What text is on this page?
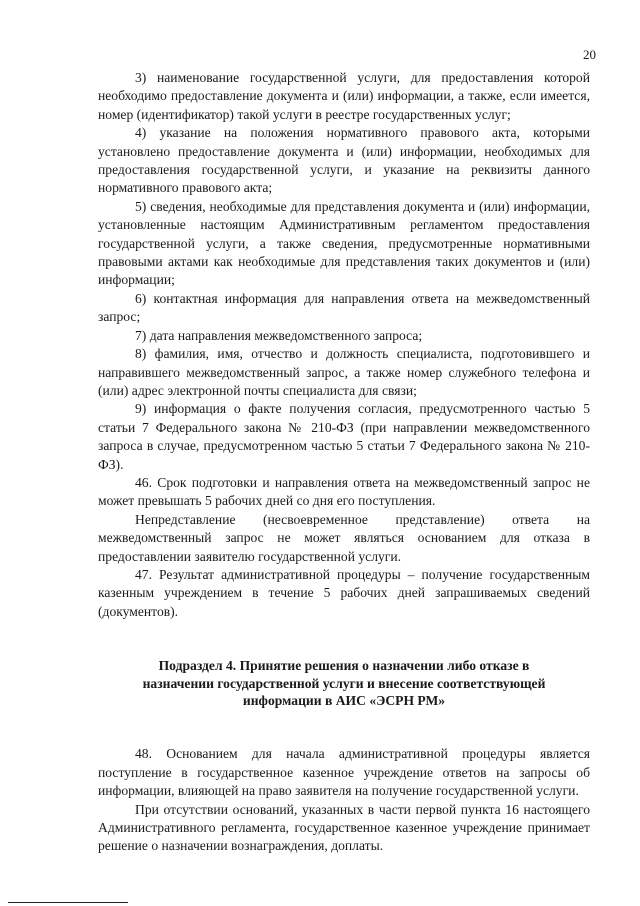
20

3) наименование государственной услуги, для предоставления которой необходимо предоставление документа и (или) информации, а также, если имеется, номер (идентификатор) такой услуги в реестре государственных услуг;

4) указание на положения нормативного правового акта, которыми установлено предоставление документа и (или) информации, необходимых для предоставления государственной услуги, и указание на реквизиты данного нормативного правового акта;

5) сведения, необходимые для представления документа и (или) информации, установленные настоящим Административным регламентом предоставления государственной услуги, а также сведения, предусмотренные нормативными правовыми актами как необходимые для представления таких документов и (или) информации;

6) контактная информация для направления ответа на межведомственный запрос;

7) дата направления межведомственного запроса;

8) фамилия, имя, отчество и должность специалиста, подготовившего и направившего межведомственный запрос, а также номер служебного телефона и (или) адрес электронной почты специалиста для связи;

9) информация о факте получения согласия, предусмотренного частью 5 статьи 7 Федерального закона № 210-ФЗ (при направлении межведомственного запроса в случае, предусмотренном частью 5 статьи 7 Федерального закона № 210-ФЗ).

46. Срок подготовки и направления ответа на межведомственный запрос не может превышать 5 рабочих дней со дня его поступления.

Непредставление (несвоевременное представление) ответа на межведомственный запрос не может являться основанием для отказа в предоставлении заявителю государственной услуги.

47. Результат административной процедуры – получение государственным казенным учреждением в течение 5 рабочих дней запрашиваемых сведений (документов).

Подраздел 4. Принятие решения о назначении либо отказе в
назначении государственной услуги и внесение соответствующей
информации в АИС «ЭСРН РМ»

48. Основанием для начала административной процедуры является поступление в государственное казенное учреждение ответов на запросы об информации, влияющей на право заявителя на получение государственной услуги.

При отсутствии оснований, указанных в части первой пункта 16 настоящего Административного регламента, государственное казенное учреждение принимает решение о назначении вознаграждения, доплаты.
